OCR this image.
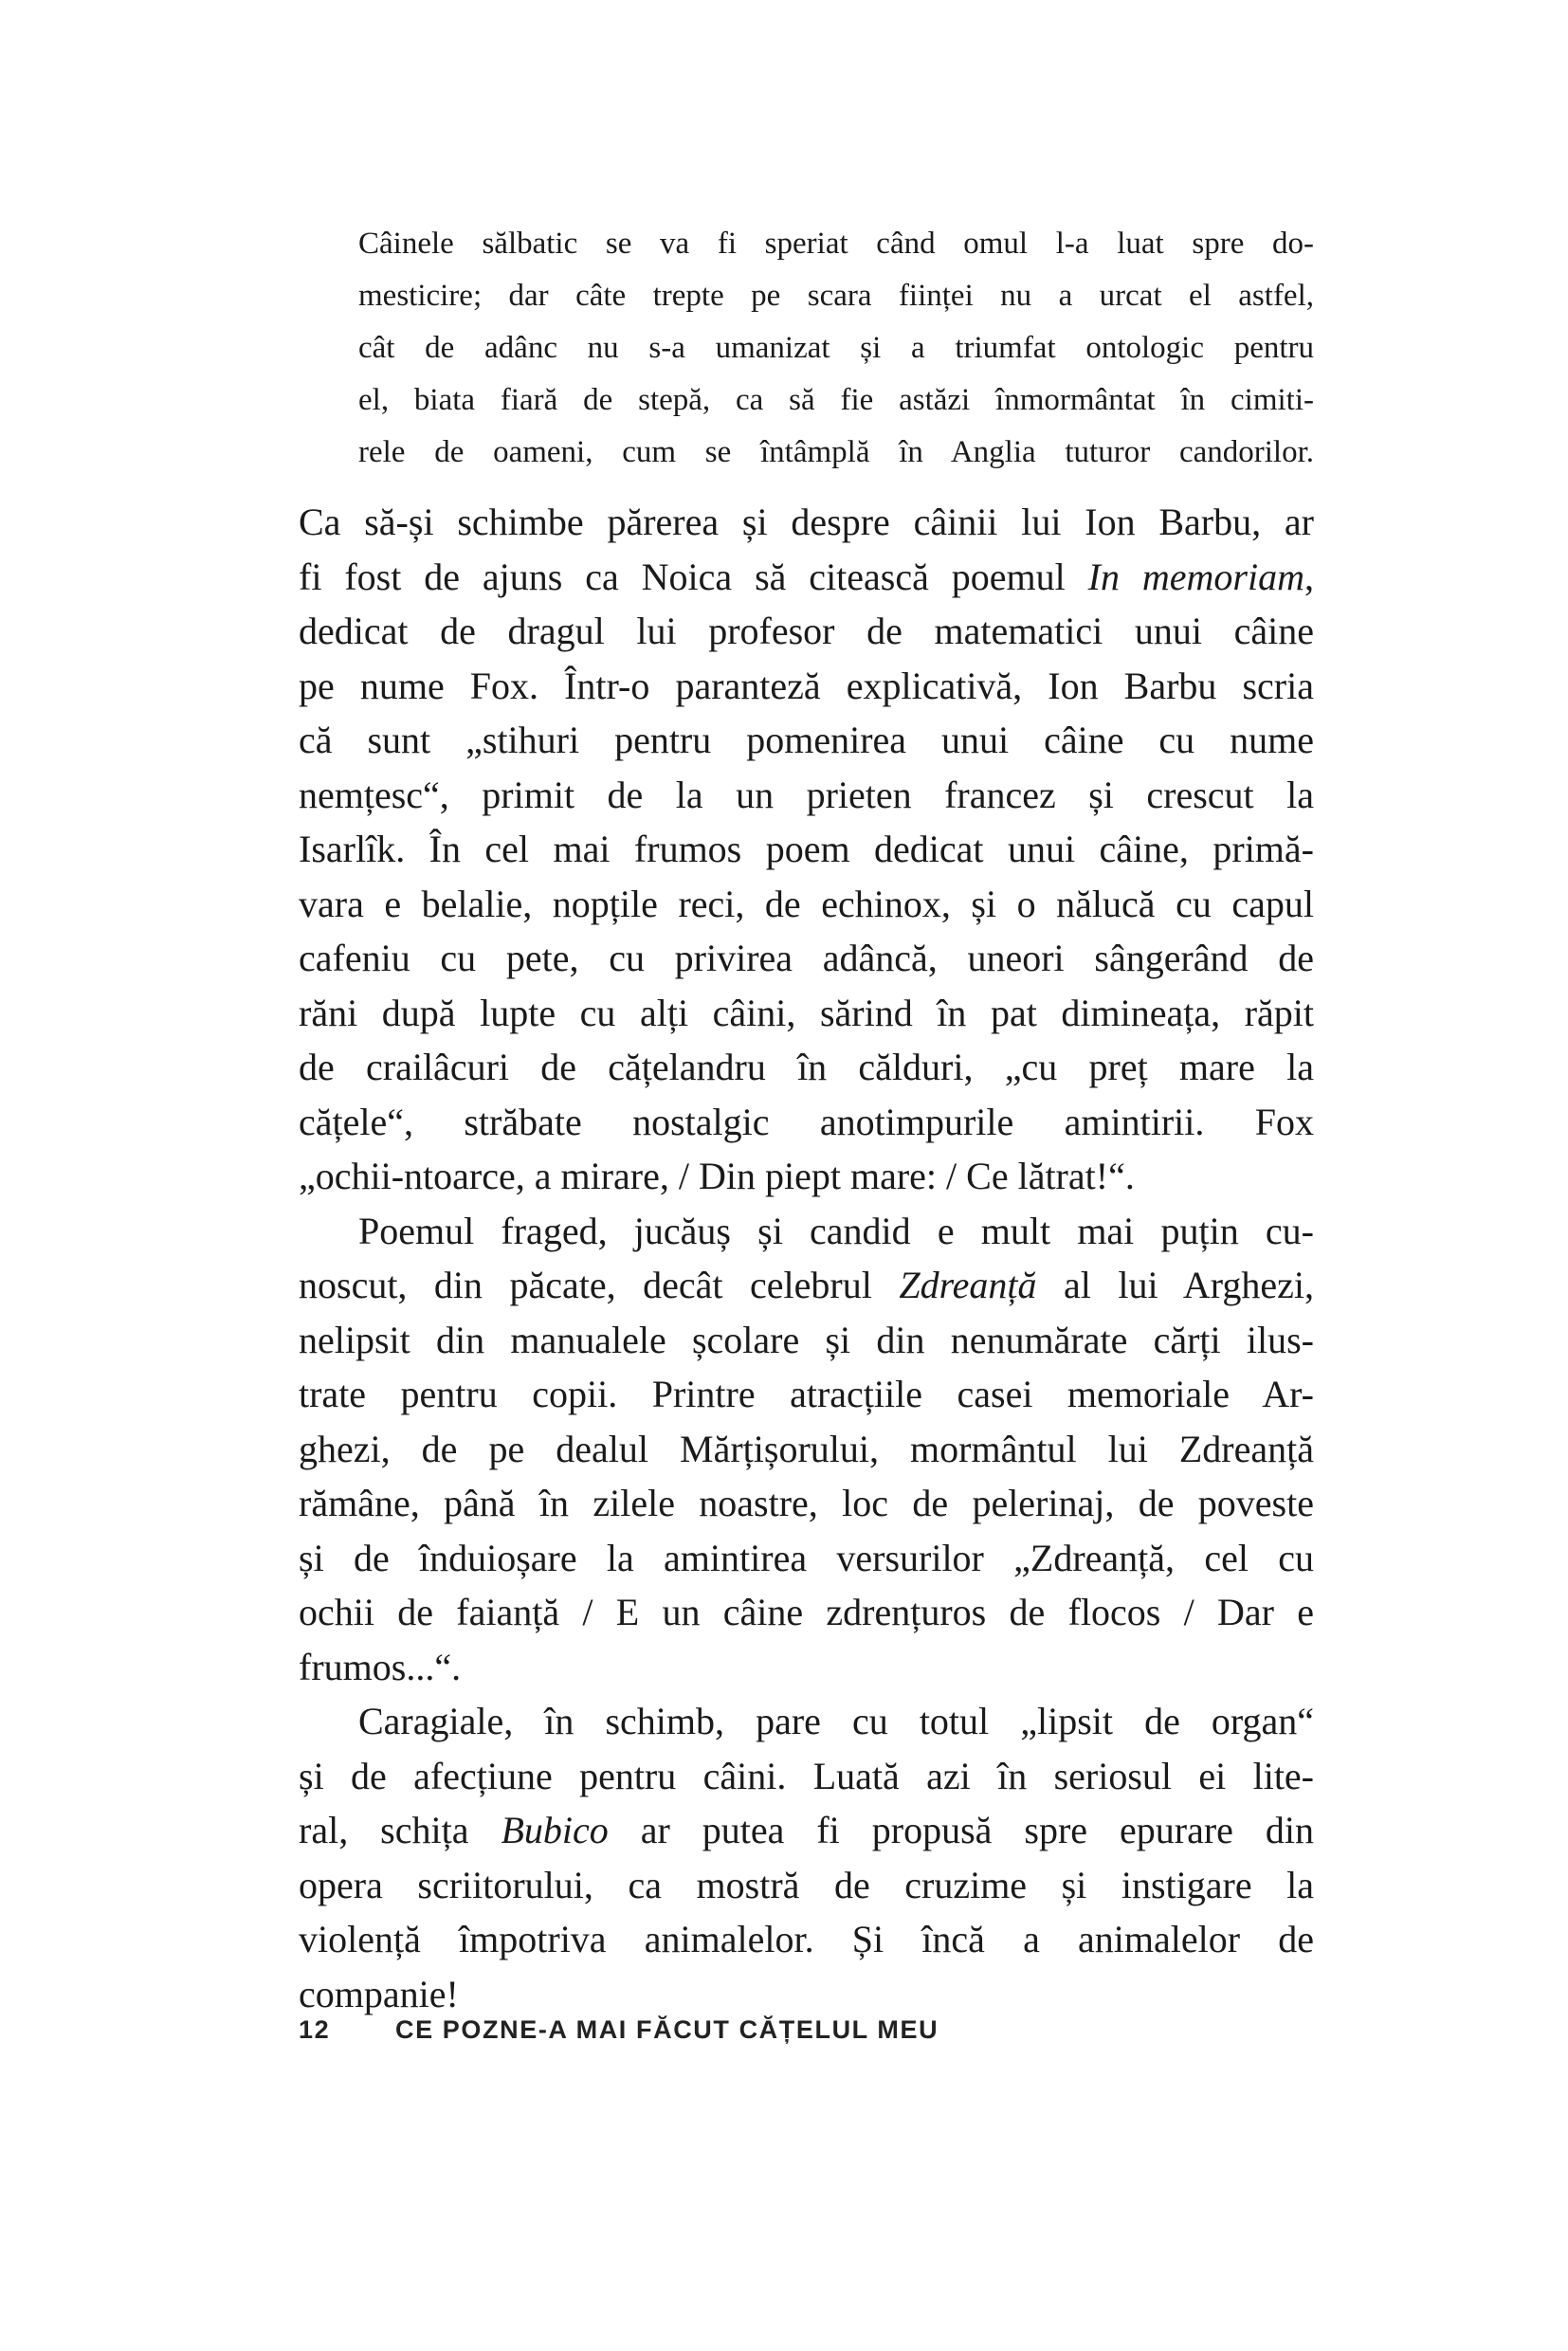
Câinele sălbatic se va fi speriat când omul l-a luat spre do-
mesticire; dar câte trepte pe scara ființei nu a urcat el astfel,
cât de adânc nu s-a umanizat și a triumfat ontologic pentru
el, biata fiară de stepă, ca să fie astăzi înmormântat în cimiti-
rele de oameni, cum se întâmplă în Anglia tuturor candorilor.
Ca să-și schimbe părerea și despre câinii lui Ion Barbu, ar
fi fost de ajuns ca Noica să citească poemul In memoriam,
dedicat de dragul lui profesor de matematici unui câine
pe nume Fox. Într-o paranteză explicativă, Ion Barbu scria
că sunt „stihuri pentru pomenirea unui câine cu nume
nemțesc“, primit de la un prieten francez și crescut la
Isarlîk. În cel mai frumos poem dedicat unui câine, primă-
vara e belalie, nopțile reci, de echinox, și o nălucă cu capul
cafeniu cu pete, cu privirea adâncă, uneori sângerând de
răni după lupte cu alți câini, sărind în pat dimineața, răpit
de crailâcuri de cățelandru în călduri, „cu preț mare la
cățele“, străbate nostalgic anotimpurile amintirii. Fox
„ochii-ntoarce, a mirare, / Din piept mare: / Ce lătrat!“.
Poemul fraged, jucăuș și candid e mult mai puțin cu-
noscut, din păcate, decât celebrul Zdreanță al lui Arghezi,
nelipsit din manualele școlare și din nenumărate cărți ilus-
trate pentru copii. Printre atracțiile casei memoriale Ar-
ghezi, de pe dealul Mărțișorului, mormântul lui Zdreanță
rămâne, până în zilele noastre, loc de pelerinaj, de poveste
și de înduioșare la amintirea versurilor „Zdreanță, cel cu
ochii de faianță / E un câine zdrențuros de flocos / Dar e
frumos...“.
Caragiale, în schimb, pare cu totul „lipsit de organ“
și de afecțiune pentru câini. Luată azi în seriosul ei lite-
ral, schița Bubico ar putea fi propusă spre epurare din
opera scriitorului, ca mostră de cruzime și instigare la
violență împotriva animalelor. Și încă a animalelor de
companie!
12	CE POZNE-A MAI FĂCUT CĂȚELUL MEU
